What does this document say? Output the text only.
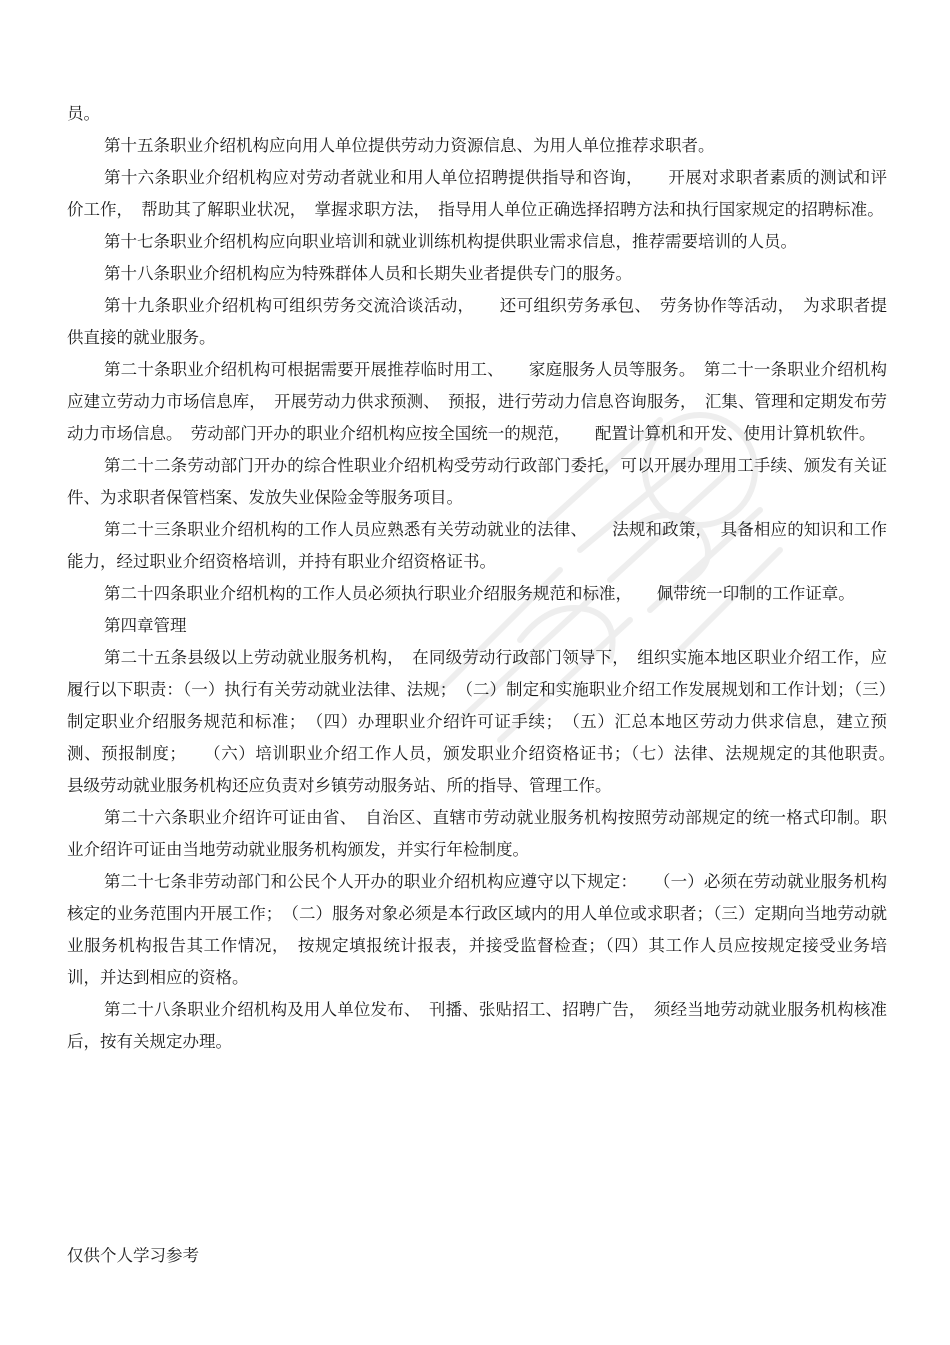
员。

第十五条职业介绍机构应向用人单位提供劳动力资源信息、为用人单位推荐求职者。

第十六条职业介绍机构应对劳动者就业和用人单位招聘提供指导和咨询，　　开展对求职者素质的测试和评价工作，　帮助其了解职业状况，　掌握求职方法，　指导用人单位正确选择招聘方法和执行国家规定的招聘标准。

第十七条职业介绍机构应向职业培训和就业训练机构提供职业需求信息，推荐需要培训的人员。

第十八条职业介绍机构应为特殊群体人员和长期失业者提供专门的服务。

第十九条职业介绍机构可组织劳务交流洽谈活动，　　还可组织劳务承包、　劳务协作等活动，　为求职者提供直接的就业服务。

第二十条职业介绍机构可根据需要开展推荐临时用工、　　家庭服务人员等服务。　第二十一条职业介绍机构应建立劳动力市场信息库，　开展劳动力供求预测、　预报，进行劳动力信息咨询服务，　汇集、管理和定期发布劳动力市场信息。　劳动部门开办的职业介绍机构应按全国统一的规范，　　配置计算机和开发、使用计算机软件。

第二十二条劳动部门开办的综合性职业介绍机构受劳动行政部门委托，可以开展办理用工手续、颁发有关证件、为求职者保管档案、发放失业保险金等服务项目。

第二十三条职业介绍机构的工作人员应熟悉有关劳动就业的法律、　　法规和政策，　具备相应的知识和工作能力，经过职业介绍资格培训，并持有职业介绍资格证书。

第二十四条职业介绍机构的工作人员必须执行职业介绍服务规范和标准，　　佩带统一印制的工作证章。

第四章管理

第二十五条县级以上劳动就业服务机构，　在同级劳动行政部门领导下，　组织实施本地区职业介绍工作，应履行以下职责：（一）执行有关劳动就业法律、法规；　（二）制定和实施职业介绍工作发展规划和工作计划；（三）制定职业介绍服务规范和标准；　（四）办理职业介绍许可证手续；　（五）汇总本地区劳动力供求信息，建立预测、预报制度；　　（六）培训职业介绍工作人员，颁发职业介绍资格证书；（七）法律、法规规定的其他职责。　县级劳动就业服务机构还应负责对乡镇劳动服务站、所的指导、管理工作。

第二十六条职业介绍许可证由省、　自治区、直辖市劳动就业服务机构按照劳动部规定的统一格式印制。职业介绍许可证由当地劳动就业服务机构颁发，并实行年检制度。

第二十七条非劳动部门和公民个人开办的职业介绍机构应遵守以下规定：　　（一）必须在劳动就业服务机构核定的业务范围内开展工作；　（二）服务对象必须是本行政区域内的用人单位或求职者；（三）定期向当地劳动就业服务机构报告其工作情况，　按规定填报统计报表，并接受监督检查；（四）其工作人员应按规定接受业务培训，并达到相应的资格。

第二十八条职业介绍机构及用人单位发布、　刊播、张贴招工、招聘广告，　须经当地劳动就业服务机构核准后，按有关规定办理。

仅供个人学习参考
